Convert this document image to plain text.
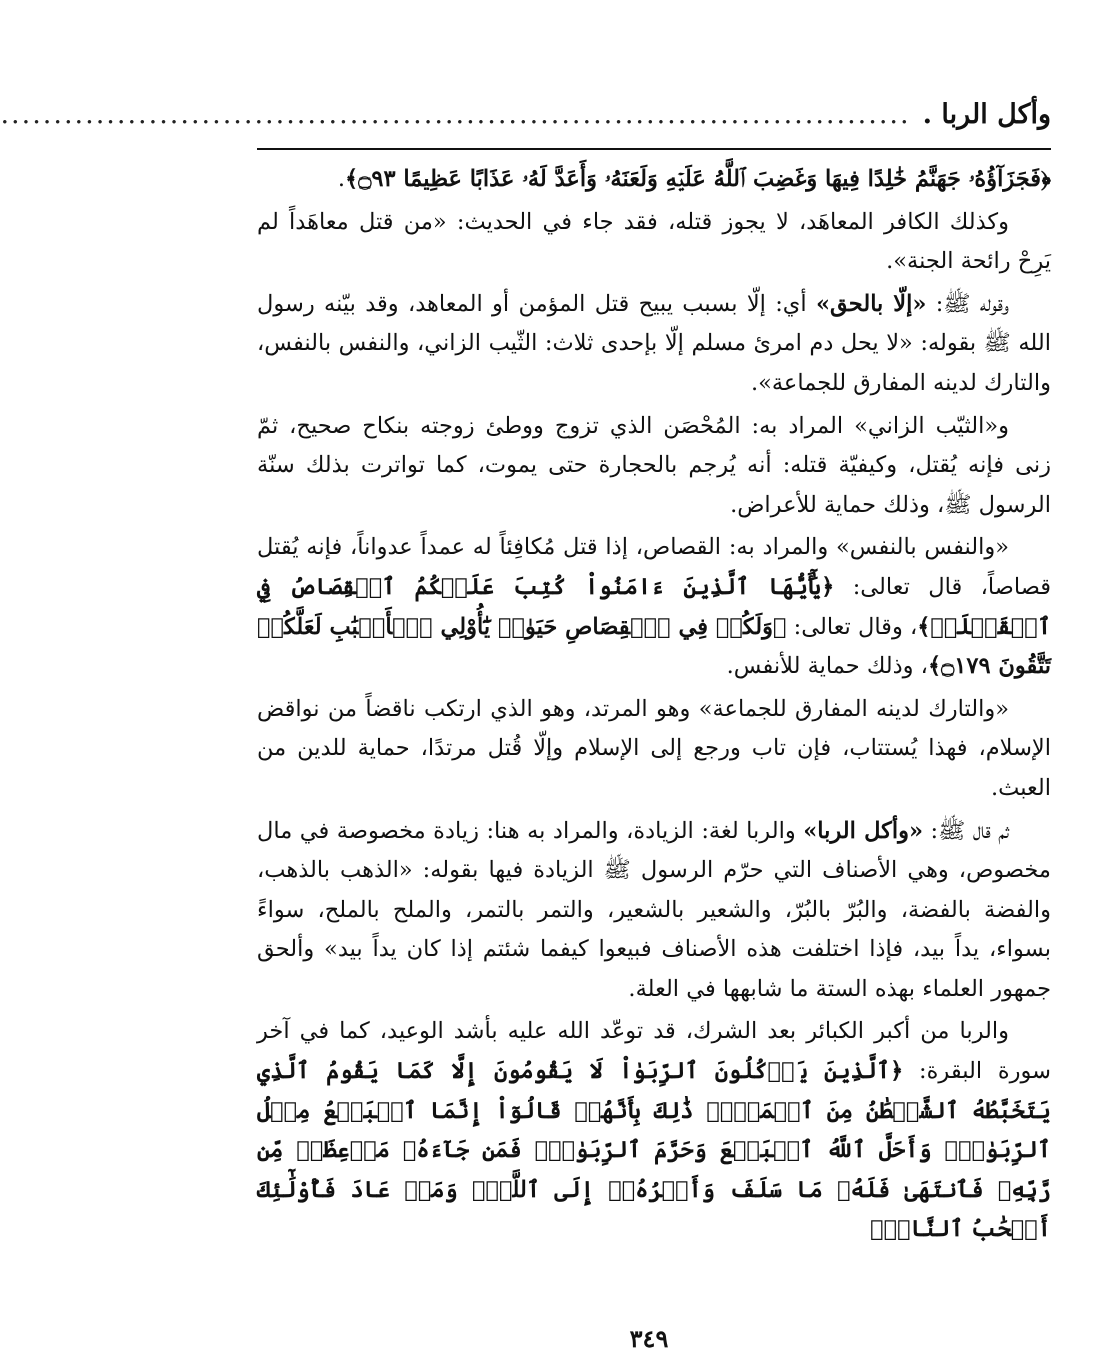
وأكل الربا .
......................................................................................

﴿فَجَزَآؤُهُۥ جَهَنَّمُ خَٰلِدًا فِيهَا وَغَضِبَ ٱللَّهُ عَلَيۡهِ وَلَعَنَهُۥ وَأَعَدَّ لَهُۥ عَذَابًا عَظِيمًا ۝٩٣﴾.

وكذلك الكافر المعاهَد، لا يجوز قتله، فقد جاء في الحديث: «من قتل معاهَداً لم يَرِحْ رائحة الجنة».

وقوله ﷺ: «إلّا بالحق» أي: إلّا بسبب يبيح قتل المؤمن أو المعاهد، وقد بيّنه رسول الله ﷺ بقوله: «لا يحل دم امرئ مسلم إلّا بإحدى ثلاث: الثّيب الزاني، والنفس بالنفس، والتارك لدينه المفارق للجماعة».

و«الثيّب الزاني» المراد به: المُحْصَن الذي تزوج ووطئ زوجته بنكاح صحيح، ثمّ زنى فإنه يُقتل، وكيفيّة قتله: أنه يُرجم بالحجارة حتى يموت، كما تواترت بذلك سنّة الرسول ﷺ، وذلك حماية للأعراض.

«والنفس بالنفس» والمراد به: القصاص، إذا قتل مُكافِئاً له عمداً عدواناً، فإنه يُقتل قصاصاً، قال تعالى: ﴿يَٰٓأَيُّهَا ٱلَّذِينَ ءَامَنُواْ كُتِبَ عَلَيۡكُمُ ٱلۡقِصَاصُ فِي ٱلۡقَتۡلَىۖ﴾، وقال تعالى: ﴿وَلَكُمۡ فِي ٱلۡقِصَاصِ حَيَوٰةٞ يَٰٓأُوْلِي ٱلۡأَلۡبَٰبِ لَعَلَّكُمۡ تَتَّقُونَ ۝١٧٩﴾، وذلك حماية للأنفس.

«والتارك لدينه المفارق للجماعة» وهو المرتد، وهو الذي ارتكب ناقضاً من نواقض الإسلام، فهذا يُستتاب، فإن تاب ورجع إلى الإسلام وإلّا قُتل مرتدًا، حماية للدين من العبث.

ثم قال ﷺ: «وأكل الربا» والربا لغة: الزيادة، والمراد به هنا: زيادة مخصوصة في مال مخصوص، وهي الأصناف التي حرّم الرسول ﷺ الزيادة فيها بقوله: «الذهب بالذهب، والفضة بالفضة، والبُرّ بالبُرّ، والشعير بالشعير، والتمر بالتمر، والملح بالملح، سواءً بسواء، يداً بيد، فإذا اختلفت هذه الأصناف فبيعوا كيفما شئتم إذا كان يداً بيد» وألحق جمهور العلماء بهذه الستة ما شابهها في العلة.

والربا من أكبر الكبائر بعد الشرك، قد توعّد الله عليه بأشد الوعيد، كما في آخر سورة البقرة: ﴿ٱلَّذِينَ يَأۡكُلُونَ ٱلرِّبَوٰاْ لَا يَقُومُونَ إِلَّا كَمَا يَقُومُ ٱلَّذِي يَتَخَبَّطُهُ ٱلشَّيۡطَٰنُ مِنَ ٱلۡمَسِّۚ ذَٰلِكَ بِأَنَّهُمۡ قَالُوٓاْ إِنَّمَا ٱلۡبَيۡعُ مِثۡلُ ٱلرِّبَوٰاْۗ وَأَحَلَّ ٱللَّهُ ٱلۡبَيۡعَ وَحَرَّمَ ٱلرِّبَوٰاْۚ فَمَن جَآءَهُۥ مَوۡعِظَةٞ مِّن رَّبِّهِۦ فَٱنتَهَىٰ فَلَهُۥ مَا سَلَفَ وَأَمۡرُهُۥٓ إِلَى ٱللَّهِۖ وَمَنۡ عَادَ فَأُوْلَٰٓئِكَ أَصۡحَٰبُ ٱلنَّارِۖ

٣٤٩
